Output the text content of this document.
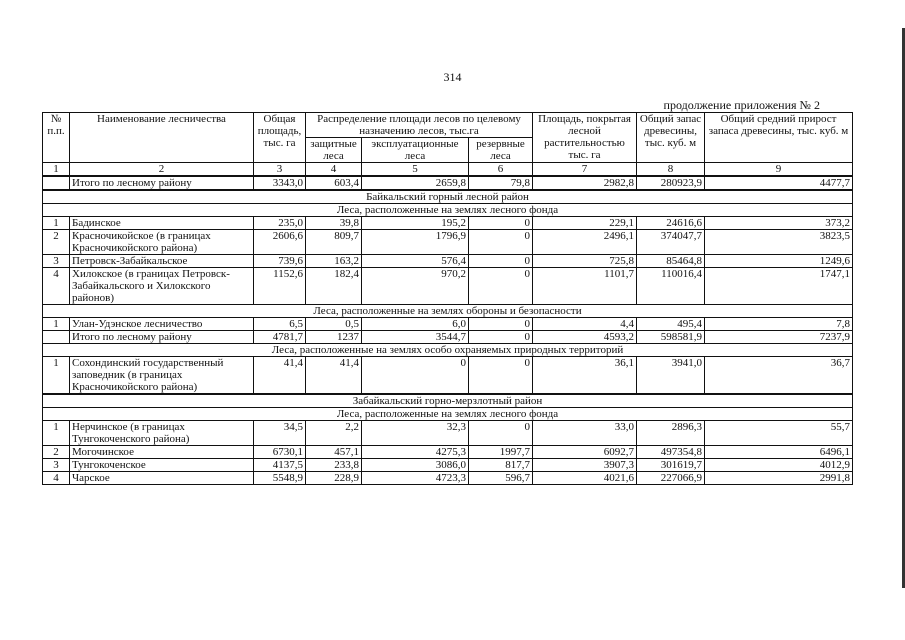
314
продолжение приложения № 2
№ п.п.	Наименование лесничества	Общая площадь, тыс. га	Распределение площади лесов по целевому назначению лесов, тыс.га			Площадь, покрытая лесной растительностью тыс. га	Общий запас древесины, тыс. куб. м	Общий средний прирост запаса древесины, тыс. куб. м
			защитные леса	эксплуатационные леса	резервные леса			
1	2	3	4	5	6	7	8	9
	Итого по лесному району	3343,0	603,4	2659,8	79,8	2982,8	280923,9	4477,7
Байкальский горный лесной район								
Леса, расположенные на землях лесного фонда								
1	Бадинское	235,0	39,8	195,2	0	229,1	24616,6	373,2
2	Красночикойское (в границах Красночикойского района)	2606,6	809,7	1796,9	0	2496,1	374047,7	3823,5
3	Петровск-Забайкальское	739,6	163,2	576,4	0	725,8	85464,8	1249,6
4	Хилокское (в границах Петровск-Забайкальского и Хилокского районов)	1152,6	182,4	970,2	0	1101,7	110016,4	1747,1
Леса, расположенные на землях обороны и безопасности								
1	Улан-Удэнское лесничество	6,5	0,5	6,0	0	4,4	495,4	7,8
	Итого по лесному району	4781,7	1237	3544,7	0	4593,2	598581,9	7237,9
Леса, расположенные на землях особо охраняемых природных территорий								
1	Сохондинский государственный заповедник (в границах Красночикойского района)	41,4	41,4	0	0	36,1	3941,0	36,7
Забайкальский горно-мерзлотный район								
Леса, расположенные на землях лесного фонда								
1	Нерчинское (в границах Тунгокоченского района)	34,5	2,2	32,3	0	33,0	2896,3	55,7
2	Могочинское	6730,1	457,1	4275,3	1997,7	6092,7	497354,8	6496,1
3	Тунгокоченское	4137,5	233,8	3086,0	817,7	3907,3	301619,7	4012,9
4	Чарское	5548,9	228,9	4723,3	596,7	4021,6	227066,9	2991,8
